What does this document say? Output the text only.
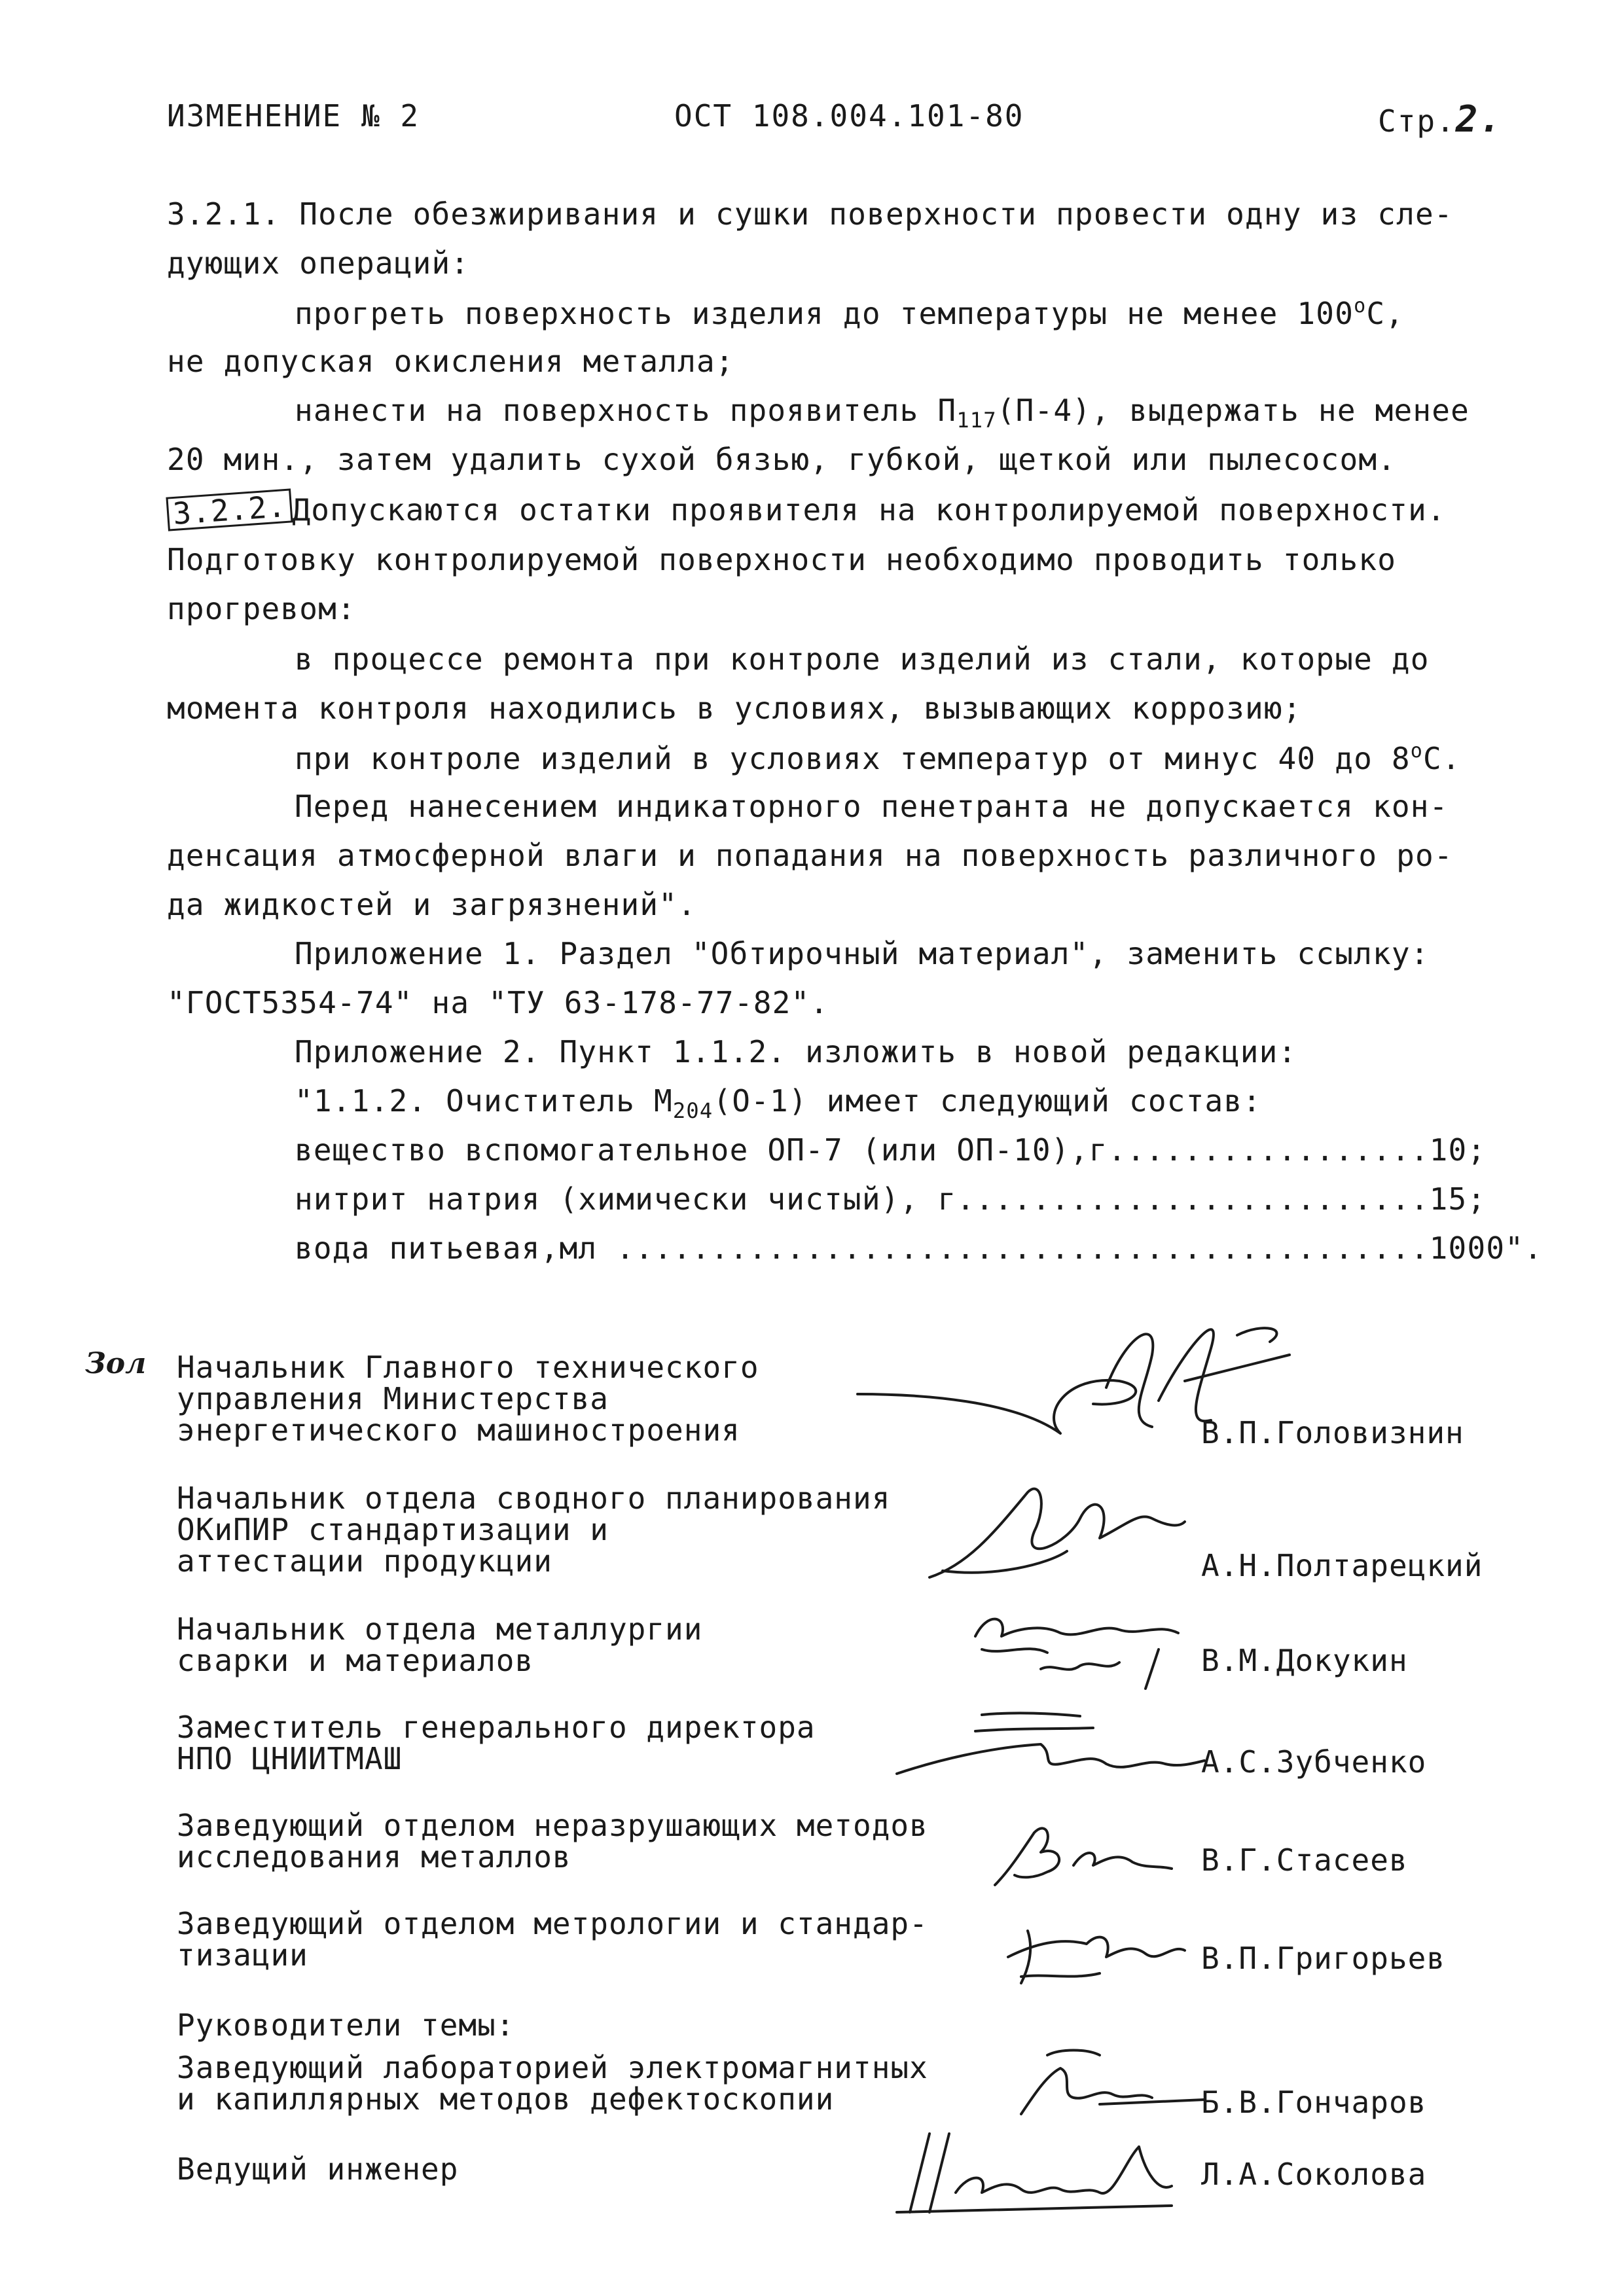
ИЗМЕНЕНИЕ № 2	ОСТ 108.004.101-80	Стр.2.
3.2.1. После обезжиривания и сушки поверхности провести одну из сле-
дующих операций:
прогреть поверхность изделия до температуры не менее $100^оС$,
не допуская окисления металла;
нанести на поверхность проявитель $П_{117}(П-4)$, выдержать не менее
20 мин., затем удалить сухой бязью, губкой, щеткой или пылесосом.
3.2.2. Допускаются остатки проявителя на контролируемой поверхности.
Подготовку контролируемой поверхности необходимо проводить только
прогревом:
в процессе ремонта при контроле изделий из стали, которые до
момента контроля находились в условиях, вызывающих коррозию;
при контроле изделий в условиях температур от минус 40 до $8^оС$.
Перед нанесением индикаторного пенетранта не допускается кон-
денсация атмосферной влаги и попадания на поверхность различного ро-
да жидкостей и загрязнений".
Приложение 1. Раздел "Обтирочный материал", заменить ссылку:
"ГОСТ5354-74" на "ТУ 63-178-77-82".
Приложение 2. Пункт 1.1.2. изложить в новой редакции:
"1.1.2. Очиститель $М_{204}(О-1)$ имеет следующий состав:
вещество вспомогательное ОП-7 (или ОП-10),г.................10;
нитрит натрия (химически чистый), г.........................15;
вода питьевая,мл ...........................................1000".
Зол Начальник Главного технического
управления Министерства
энергетического машиностроения	В.П.Головизнин
Начальник отдела сводного планирования
ОКиПИР стандартизации и
аттестации продукции	А.Н.Полтарецкий
Начальник отдела металлургии
сварки и материалов	В.М.Докукин
Заместитель генерального директора
НПО ЦНИИТМАШ	А.С.Зубченко
Заведующий отделом неразрушающих методов
исследования металлов	В.Г.Стасеев
Заведующий отделом метрологии и стандар-
тизации	В.П.Григорьев
Руководители темы:
Заведующий лабораторией электромагнитных
и капиллярных методов дефектоскопии	Б.В.Гончаров
Ведущий инженер	Л.А.Соколова
